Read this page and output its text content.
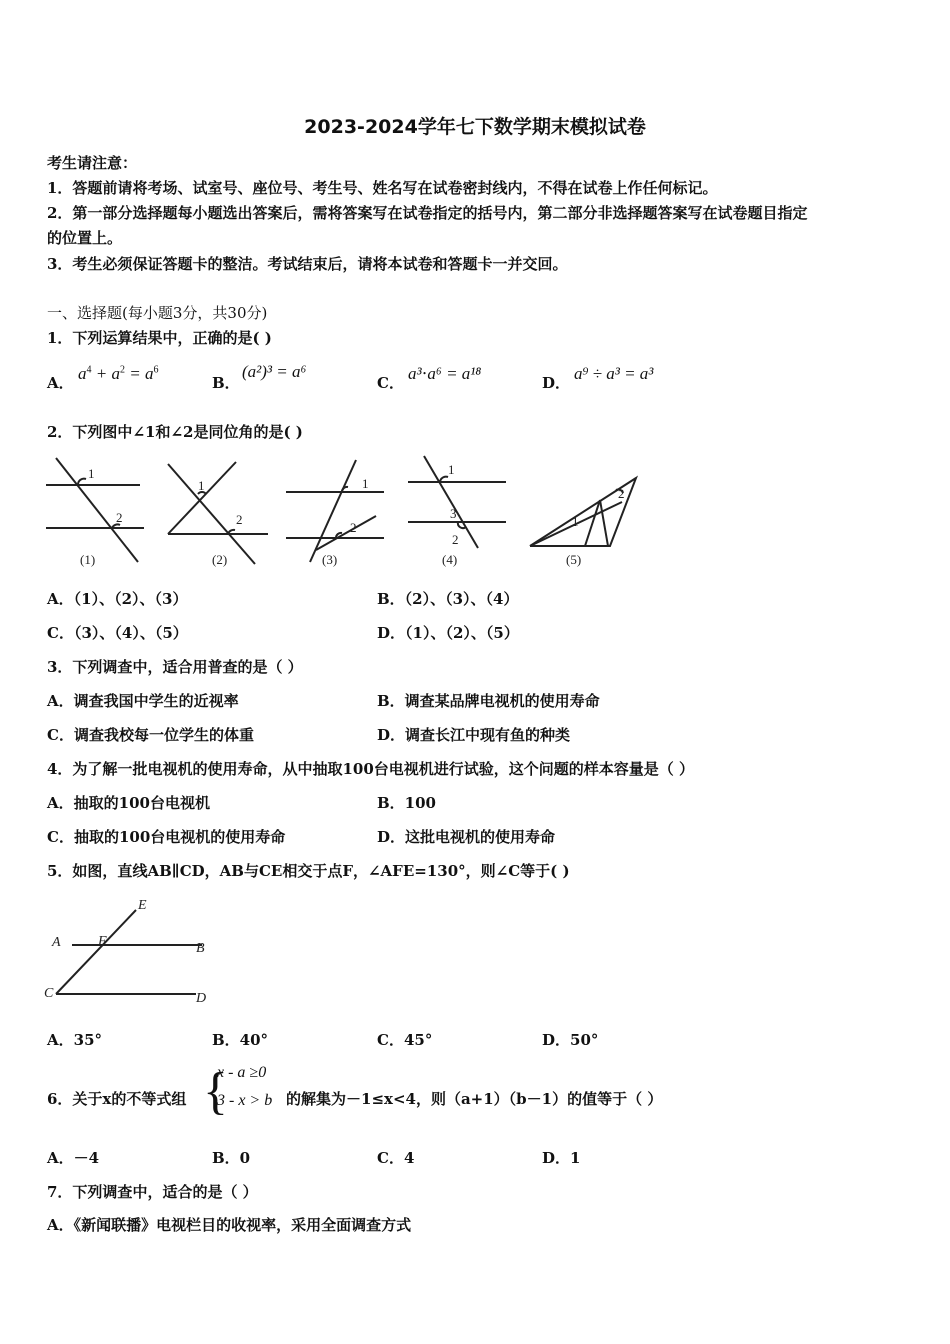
2023-2024学年七下数学期末模拟试卷
考生请注意：
1．答题前请将考场、试室号、座位号、考生号、姓名写在试卷密封线内，不得在试卷上作任何标记。
2．第一部分选择题每小题选出答案后，需将答案写在试卷指定的括号内，第二部分非选择题答案写在试卷题目指定
的位置上。
3．考生必须保证答题卡的整洁。考试结束后，请将本试卷和答题卡一并交回。
一、选择题(每小题3分，共30分)
1．下列运算结果中，正确的是( )
A． $a^4 + a^2 = a^6$
B．
(a²)³ = a⁶
C． a³⋅a⁶ = a¹⁸	D． a⁹ ÷ a³ = a³
2．下列图中∠1和∠2是同位角的是( )
1
2
1
2
1
2
1
3
2
1
2
(1)	(2)	(3)	(4)	(5)
A．（1）、（2）、（3）	B．（2）、（3）、（4）
C．（3）、（4）、（5）	D．（1）、（2）、（5）
3．下列调查中，适合用普查的是（ ）
A．调查我国中学生的近视率	B．调查某品牌电视机的使用寿命
C．调查我校每一位学生的体重	D．调查长江中现有鱼的种类
4．为了解一批电视机的使用寿命，从中抽取100台电视机进行试验，这个问题的样本容量是（ ）
A．抽取的100台电视机	B．100
C．抽取的100台电视机的使用寿命	D．这批电视机的使用寿命
5．如图，直线AB∥CD，AB与CE相交于点F，∠AFE=130°，则∠C等于( )
E
A	F	B
C	D
A．35°	B．40°	C．45°	D．50°
6．关于x的不等式组 {
x - a ≥0
3 - x > b 的解集为－1≤x<4，则（a+1）（b－1）的值等于（ ）
A．－4	B．0	C．4	D．1
7．下列调查中，适合的是（ ）
A．《新闻联播》电视栏目的收视率，采用全面调查方式
